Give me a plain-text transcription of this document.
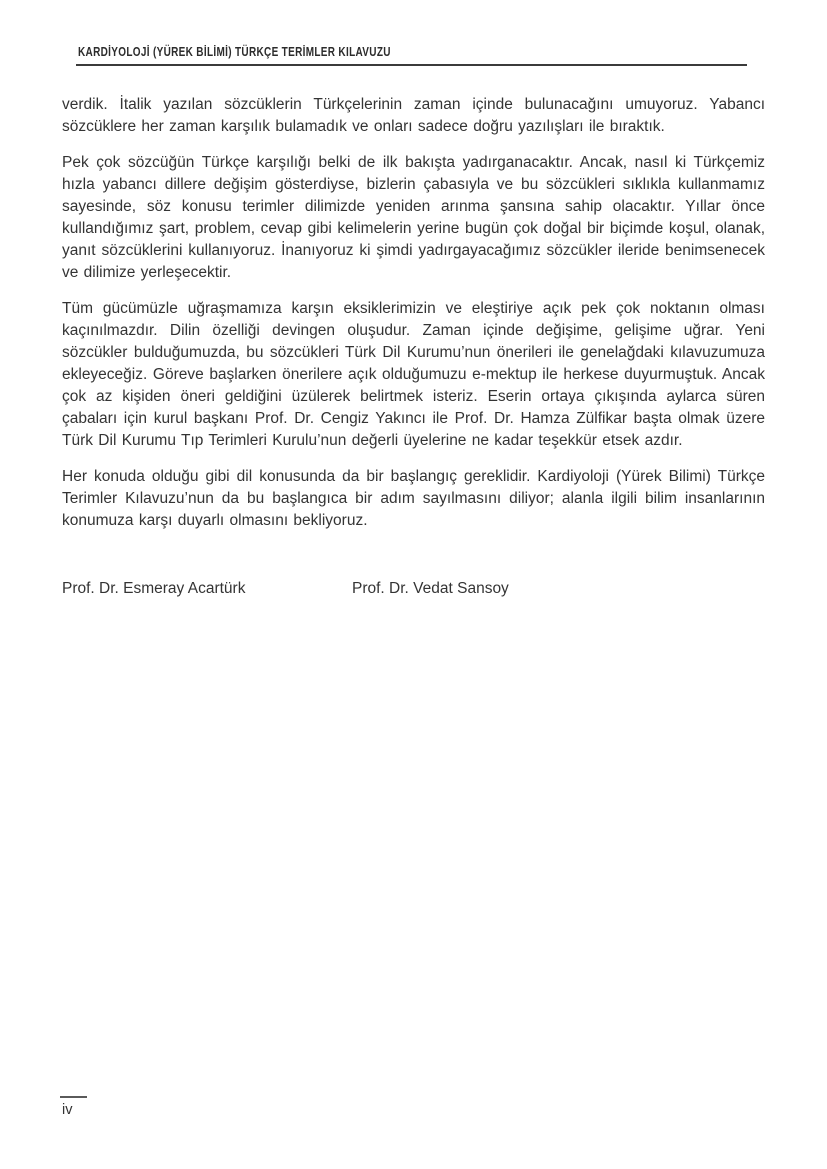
KARDİYOLOJİ (YÜREK BİLİMİ) TÜRKÇE TERİMLER KILAVUZU

verdik. İtalik yazılan sözcüklerin Türkçelerinin zaman içinde bulunacağını umuyoruz. Yabancı sözcüklere her zaman karşılık bulamadık ve onları sadece doğru yazılışları ile bıraktık.

Pek çok sözcüğün Türkçe karşılığı belki de ilk bakışta yadırganacaktır. Ancak, nasıl ki Türkçemiz hızla yabancı dillere değişim gösterdiyse, bizlerin çabasıyla ve bu sözcükleri sıklıkla kullanmamız sayesinde, söz konusu terimler dilimizde yeniden arınma şansına sahip olacaktır. Yıllar önce kullandığımız şart, problem, cevap gibi kelimelerin yerine bugün çok doğal bir biçimde koşul, olanak, yanıt sözcüklerini kullanıyoruz. İnanıyoruz ki şimdi yadırgayacağımız sözcükler ileride benimsenecek ve dilimize yerleşecektir.

Tüm gücümüzle uğraşmamıza karşın eksiklerimizin ve eleştiriye açık pek çok noktanın olması kaçınılmazdır. Dilin özelliği devingen oluşudur. Zaman içinde değişime, gelişime uğrar. Yeni sözcükler bulduğumuzda, bu sözcükleri Türk Dil Kurumu’nun önerileri ile genelağdaki kılavuzumuza ekleyeceğiz. Göreve başlarken önerilere açık olduğumuzu e-mektup ile herkese duyurmuştuk. Ancak çok az kişiden öneri geldiğini üzülerek belirtmek isteriz. Eserin ortaya çıkışında aylarca süren çabaları için kurul başkanı Prof. Dr. Cengiz Yakıncı ile Prof. Dr. Hamza Zülfikar başta olmak üzere Türk Dil Kurumu Tıp Terimleri Kurulu’nun değerli üyelerine ne kadar teşekkür etsek azdır.

Her konuda olduğu gibi dil konusunda da bir başlangıç gereklidir. Kardiyoloji (Yürek Bilimi) Türkçe Terimler Kılavuzu’nun da bu başlangıca bir adım sayılmasını diliyor; alanla ilgili bilim insanlarının konumuza karşı duyarlı olmasını bekliyoruz.

Prof. Dr. Esmeray Acartürk	Prof. Dr. Vedat Sansoy
iv
